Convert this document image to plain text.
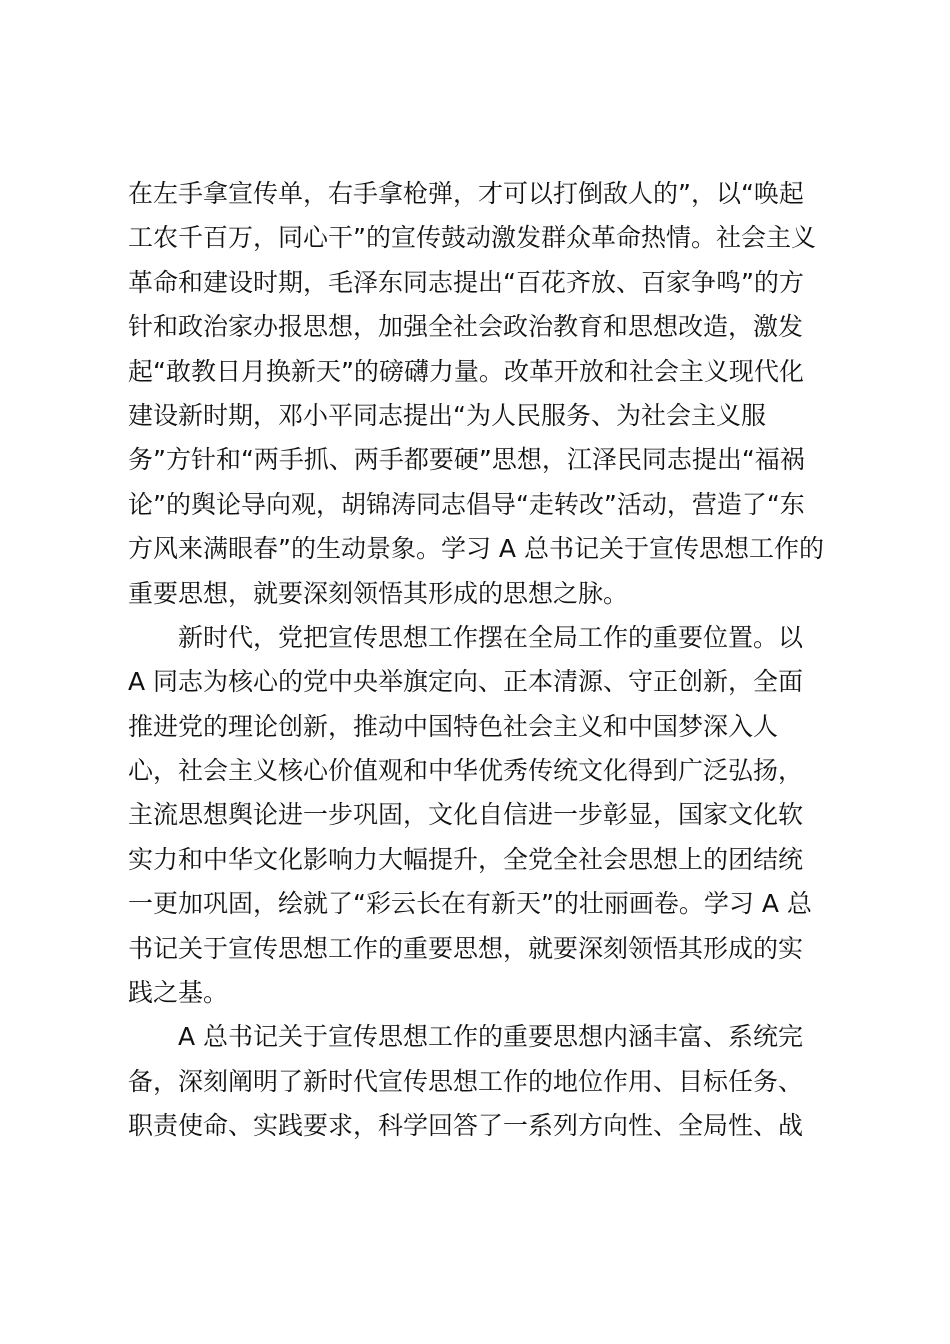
在左手拿宣传单，右手拿枪弹，才可以打倒敌人的”，以“唤起
工农千百万，同心干”的宣传鼓动激发群众革命热情。社会主义
革命和建设时期，毛泽东同志提出“百花齐放、百家争鸣”的方
针和政治家办报思想，加强全社会政治教育和思想改造，激发
起“敢教日月换新天”的磅礴力量。改革开放和社会主义现代化
建设新时期，邓小平同志提出“为人民服务、为社会主义服
务”方针和“两手抓、两手都要硬”思想，江泽民同志提出“福祸
论”的舆论导向观，胡锦涛同志倡导“走转改”活动，营造了“东
方风来满眼春”的生动景象。学习 A 总书记关于宣传思想工作的
重要思想，就要深刻领悟其形成的思想之脉。
新时代，党把宣传思想工作摆在全局工作的重要位置。以
A 同志为核心的党中央举旗定向、正本清源、守正创新，全面
推进党的理论创新，推动中国特色社会主义和中国梦深入人
心，社会主义核心价值观和中华优秀传统文化得到广泛弘扬，
主流思想舆论进一步巩固，文化自信进一步彰显，国家文化软
实力和中华文化影响力大幅提升，全党全社会思想上的团结统
一更加巩固，绘就了“彩云长在有新天”的壮丽画卷。学习 A 总
书记关于宣传思想工作的重要思想，就要深刻领悟其形成的实
践之基。
A 总书记关于宣传思想工作的重要思想内涵丰富、系统完
备，深刻阐明了新时代宣传思想工作的地位作用、目标任务、
职责使命、实践要求，科学回答了一系列方向性、全局性、战
